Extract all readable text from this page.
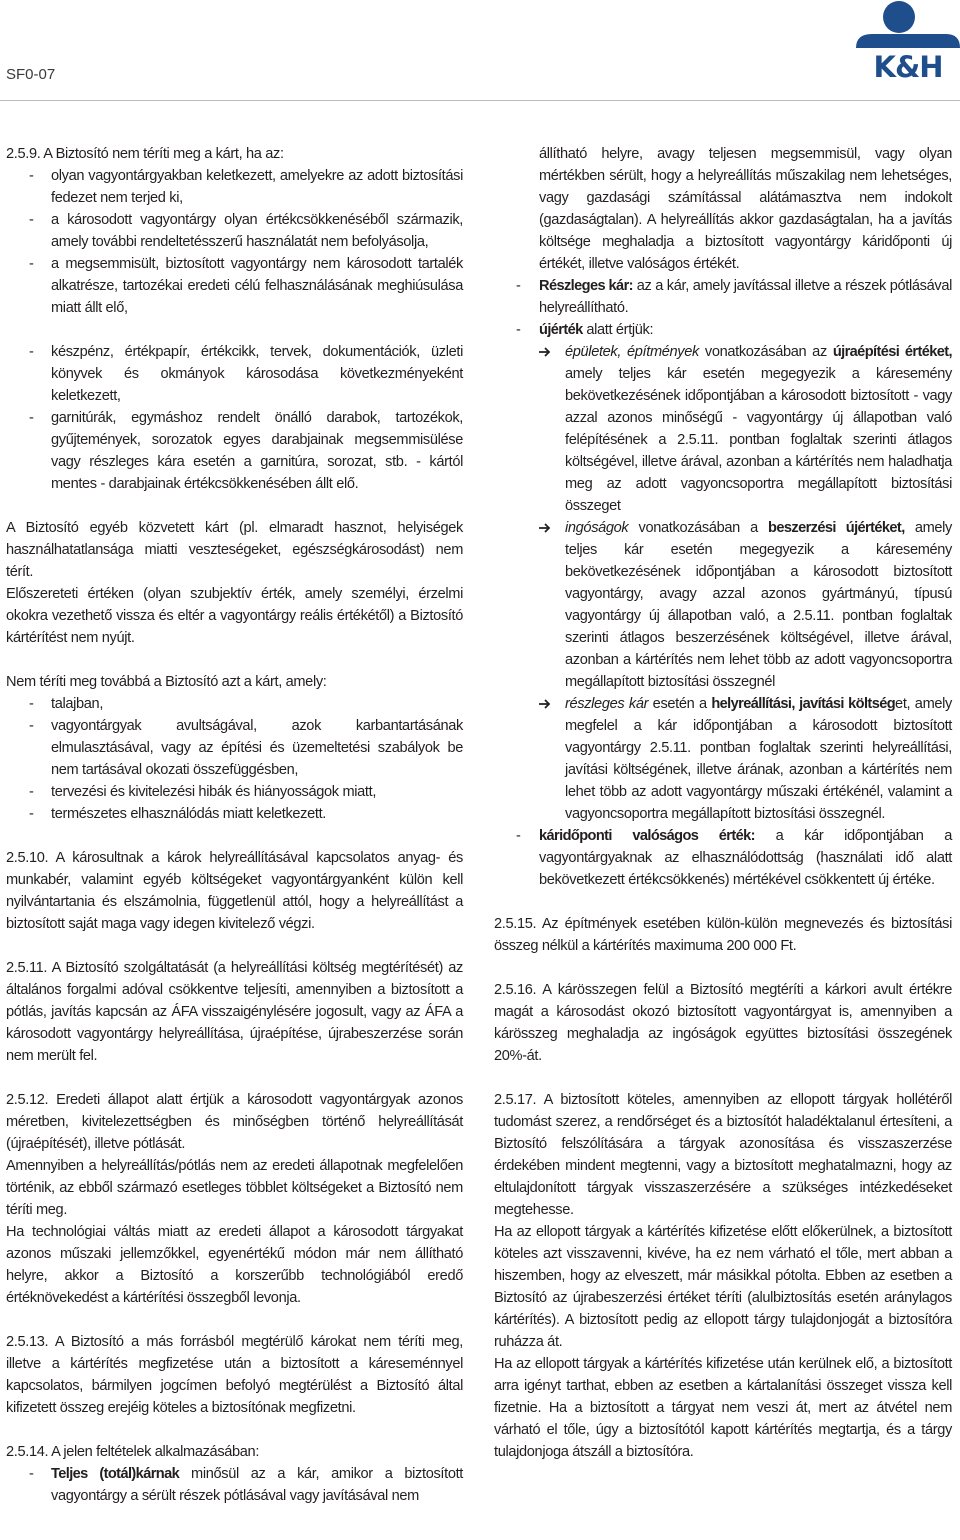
SF0-07	K&H
2.5.9. A Biztosító nem téríti meg a kárt, ha az:
-	olyan vagyontárgyakban keletkezett, amelyekre az adott biztosítási fedezet nem terjed ki,
-	a károsodott vagyontárgy olyan értékcsökkenéséből származik, amely további rendeltetésszerű használatát nem befolyásolja,
-	a megsemmisült, biztosított vagyontárgy nem károsodott tartalék alkatrésze, tartozékai eredeti célú felhasználásának meghiúsulása miatt állt elő,
-	készpénz, értékpapír, értékcikk, tervek, dokumentációk, üzleti könyvek és okmányok károsodása következményeként keletkezett,
-	garnitúrák, egymáshoz rendelt önálló darabok, tartozékok, gyűjtemények, sorozatok egyes darabjainak megsemmisülése vagy részleges kára esetén a garnitúra, sorozat, stb. - kártól mentes - darabjainak értékcsökkenésében állt elő.
A Biztosító egyéb közvetett kárt (pl. elmaradt hasznot, helyiségek használhatatlansága miatti veszteségeket, egészségkárosodást) nem térít.
Előszereteti értéken (olyan szubjektív érték, amely személyi, érzelmi okokra vezethető vissza és eltér a vagyontárgy reális értékétől) a Biztosító kártérítést nem nyújt.
Nem téríti meg továbbá a Biztosító azt a kárt, amely:
-	talajban,
-	vagyontárgyak avultságával, azok karbantartásának elmulasztásával, vagy az építési és üzemeltetési szabályok be nem tartásával okozati összefüggésben,
-	tervezési és kivitelezési hibák és hiányosságok miatt,
-	természetes elhasználódás miatt keletkezett.
2.5.10. A károsultnak a károk helyreállításával kapcsolatos anyag- és munkabér, valamint egyéb költségeket vagyontárgyanként külön kell nyilvántartania és elszámolnia, függetlenül attól, hogy a helyreállítást a biztosított saját maga vagy idegen kivitelező végzi.
2.5.11. A Biztosító szolgáltatását (a helyreállítási költség megtérítését) az általános forgalmi adóval csökkentve teljesíti, amennyiben a biztosított a pótlás, javítás kapcsán az ÁFA visszaigénylésére jogosult, vagy az ÁFA a károsodott vagyontárgy helyreállítása, újraépítése, újrabeszerzése során nem merült fel.
2.5.12. Eredeti állapot alatt értjük a károsodott vagyontárgyak azonos méretben, kivitelezettségben és minőségben történő helyreállítását (újraépítését), illetve pótlását.
Amennyiben a helyreállítás/pótlás nem az eredeti állapotnak megfelelően történik, az ebből származó esetleges többlet költségeket a Biztosító nem téríti meg.
Ha technológiai váltás miatt az eredeti állapot a károsodott tárgyakat azonos műszaki jellemzőkkel, egyenértékű módon már nem állítható helyre, akkor a Biztosító a korszerűbb technológiából eredő értéknövekedést a kártérítési összegből levonja.
2.5.13. A Biztosító a más forrásból megtérülő károkat nem téríti meg, illetve a kártérítés megfizetése után a biztosított a káreseménnyel kapcsolatos, bármilyen jogcímen befolyó megtérülést a Biztosító által kifizetett összeg erejéig köteles a biztosítónak megfizetni.
2.5.14. A jelen feltételek alkalmazásában:
-	Teljes (totál)kárnak minősül az a kár, amikor a biztosított vagyontárgy a sérült részek pótlásával vagy javításával nem
állítható helyre, avagy teljesen megsemmisül, vagy olyan mértékben sérült, hogy a helyreállítás műszakilag nem lehetséges, vagy gazdasági számítással alátámasztva nem indokolt (gazdaságtalan). A helyreállítás akkor gazdaságtalan, ha a javítás költsége meghaladja a biztosított vagyontárgy káridőponti új értékét, illetve valóságos értékét.
-	Részleges kár: az a kár, amely javítással illetve a részek pótlásával helyreállítható.
-	újérték alatt értjük:
épületek, építmények vonatkozásában az újraépítési értéket, amely teljes kár esetén megegyezik a káresemény bekövetkezésének időpontjában a károsodott biztosított - vagy azzal azonos minőségű - vagyontárgy új állapotban való felépítésének a 2.5.11. pontban foglaltak szerinti átlagos költségével, illetve árával, azonban a kártérítés nem haladhatja meg az adott vagyoncsoportra megállapított biztosítási összeget
ingóságok vonatkozásában a beszerzési újértéket, amely teljes kár esetén megegyezik a káresemény bekövetkezésének időpontjában a károsodott biztosított vagyontárgy, avagy azzal azonos gyártmányú, típusú vagyontárgy új állapotban való, a 2.5.11. pontban foglaltak szerinti átlagos beszerzésének költségével, illetve árával, azonban a kártérítés nem lehet több az adott vagyoncsoportra megállapított biztosítási összegnél
részleges kár esetén a helyreállítási, javítási költséget, amely megfelel a kár időpontjában a károsodott biztosított vagyontárgy 2.5.11. pontban foglaltak szerinti helyreállítási, javítási költségének, illetve árának, azonban a kártérítés nem lehet több az adott vagyontárgy műszaki értékénél, valamint a vagyoncsoportra megállapított biztosítási összegnél.
-	káridőponti valóságos érték: a kár időpontjában a vagyontárgyaknak az elhasználódottság (használati idő alatt bekövetkezett értékcsökkenés) mértékével csökkentett új értéke.
2.5.15. Az építmények esetében külön-külön megnevezés és biztosítási összeg nélkül a kártérítés maximuma 200 000 Ft.
2.5.16. A kárösszegen felül a Biztosító megtéríti a kárkori avult értékre magát a károsodást okozó biztosított vagyontárgyat is, amennyiben a kárösszeg meghaladja az ingóságok együttes biztosítási összegének 20%-át.
2.5.17. A biztosított köteles, amennyiben az ellopott tárgyak hollétéről tudomást szerez, a rendőrséget és a biztosítót haladéktalanul értesíteni, a Biztosító felszólítására a tárgyak azonosítása és visszaszerzése érdekében mindent megtenni, vagy a biztosított meghatalmazni, hogy az eltulajdonított tárgyak visszaszerzésére a szükséges intézkedéseket megtehesse.
Ha az ellopott tárgyak a kártérítés kifizetése előtt előkerülnek, a biztosított köteles azt visszavenni, kivéve, ha ez nem várható el tőle, mert abban a hiszemben, hogy az elveszett, már másikkal pótolta. Ebben az esetben a Biztosító az újrabeszerzési értéket téríti (alulbiztosítás esetén aránylagos kártérítés). A biztosított pedig az ellopott tárgy tulajdonjogát a biztosítóra ruházza át.
Ha az ellopott tárgyak a kártérítés kifizetése után kerülnek elő, a biztosított arra igényt tarthat, ebben az esetben a kártalanítási összeget vissza kell fizetnie. Ha a biztosított a tárgyat nem veszi át, mert az átvétel nem várható el tőle, úgy a biztosítótól kapott kártérítés megtartja, és a tárgy tulajdonjoga átszáll a biztosítóra.
